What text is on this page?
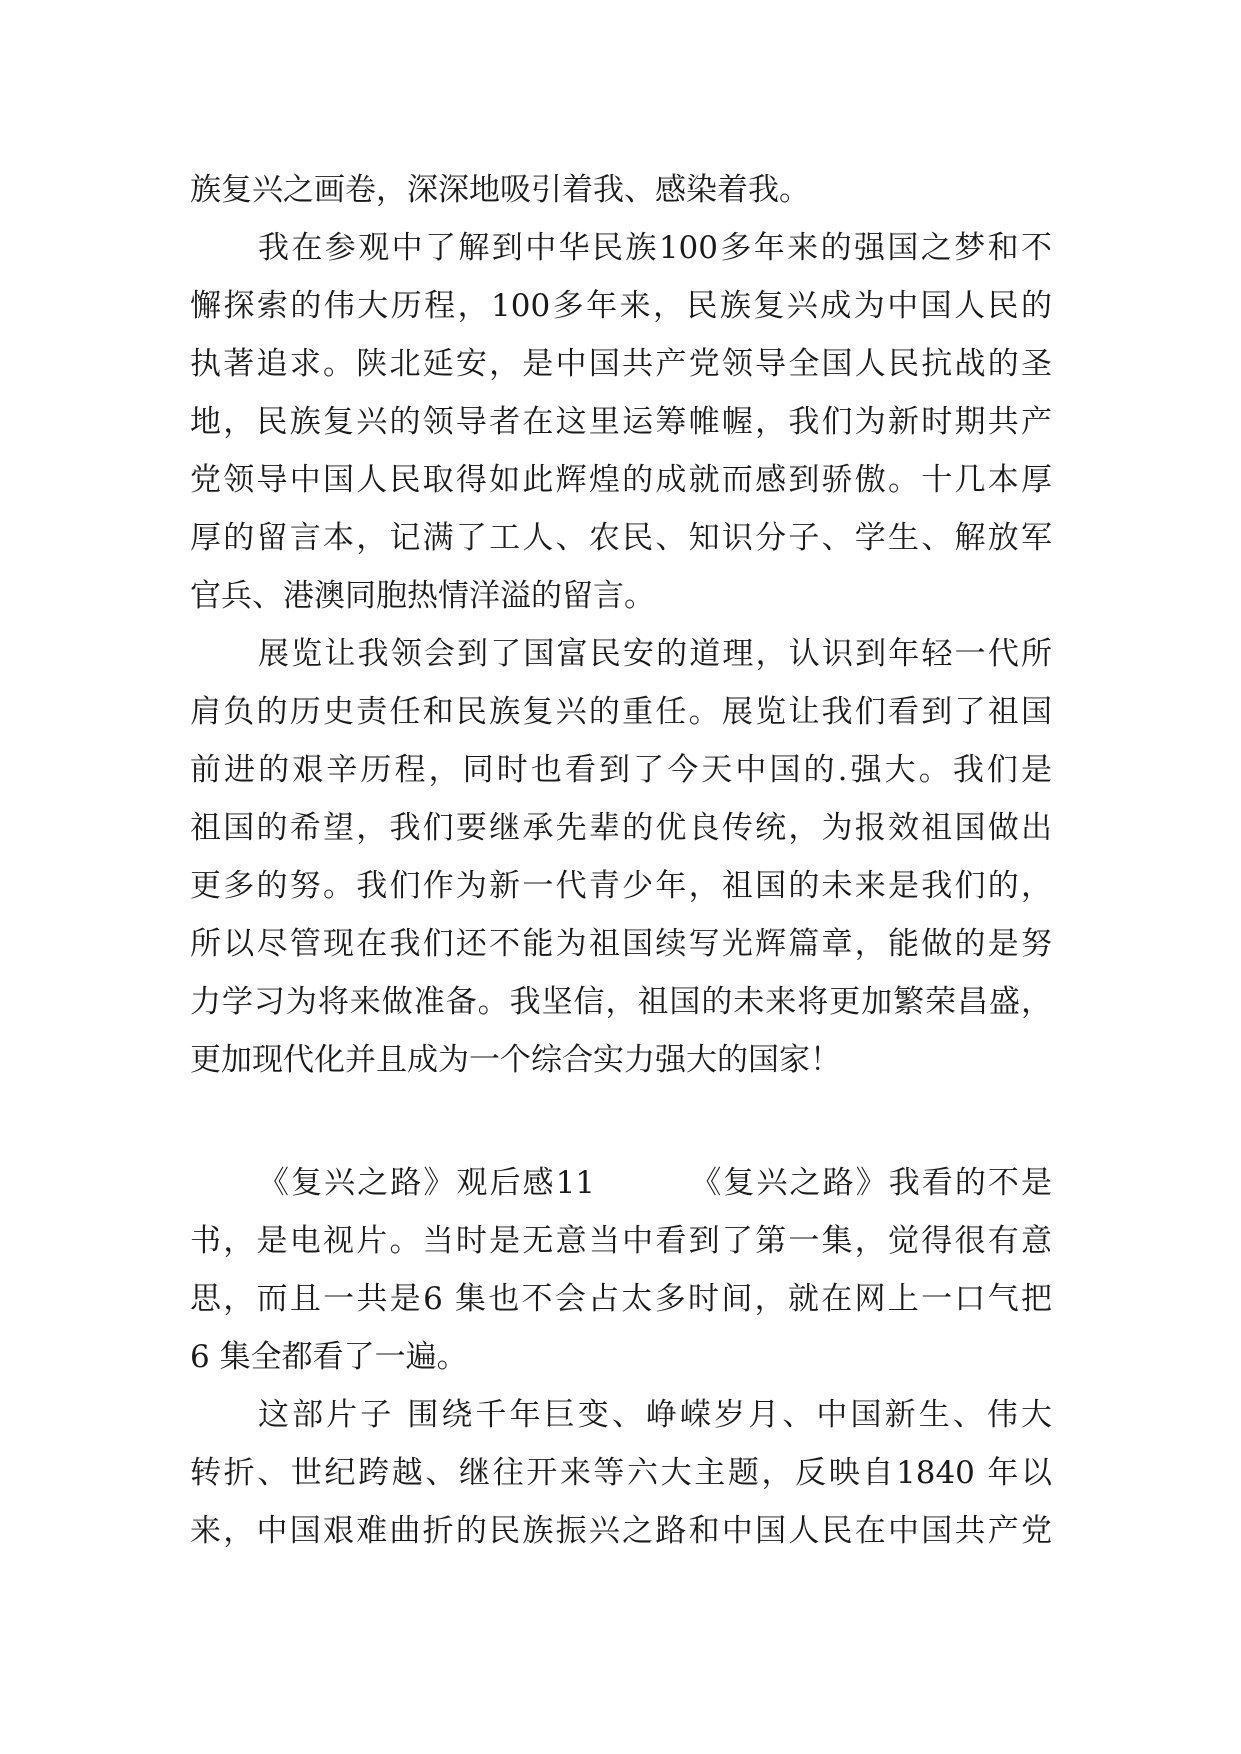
族复兴之画卷，深深地吸引着我、感染着我。
我在参观中了解到中华民族100多年来的强国之梦和不
懈探索的伟大历程，100多年来，民族复兴成为中国人民的
执著追求。陕北延安，是中国共产党领导全国人民抗战的圣
地，民族复兴的领导者在这里运筹帷幄，我们为新时期共产
党领导中国人民取得如此辉煌的成就而感到骄傲。十几本厚
厚的留言本，记满了工人、农民、知识分子、学生、解放军
官兵、港澳同胞热情洋溢的留言。
展览让我领会到了国富民安的道理，认识到年轻一代所
肩负的历史责任和民族复兴的重任。展览让我们看到了祖国
前进的艰辛历程，同时也看到了今天中国的.强大。我们是
祖国的希望，我们要继承先辈的优良传统，为报效祖国做出
更多的努。我们作为新一代青少年，祖国的未来是我们的，
所以尽管现在我们还不能为祖国续写光辉篇章，能做的是努
力学习为将来做准备。我坚信，祖国的未来将更加繁荣昌盛，
更加现代化并且成为一个综合实力强大的国家！
《复兴之路》观后感11        《复兴之路》我看的不是
书，是电视片。当时是无意当中看到了第一集，觉得很有意
思，而且一共是6 集也不会占太多时间，就在网上一口气把
6 集全都看了一遍。
这部片子 围绕千年巨变、峥嵘岁月、中国新生、伟大
转折、世纪跨越、继往开来等六大主题，反映自1840 年以
来，中国艰难曲折的民族振兴之路和中国人民在中国共产党
